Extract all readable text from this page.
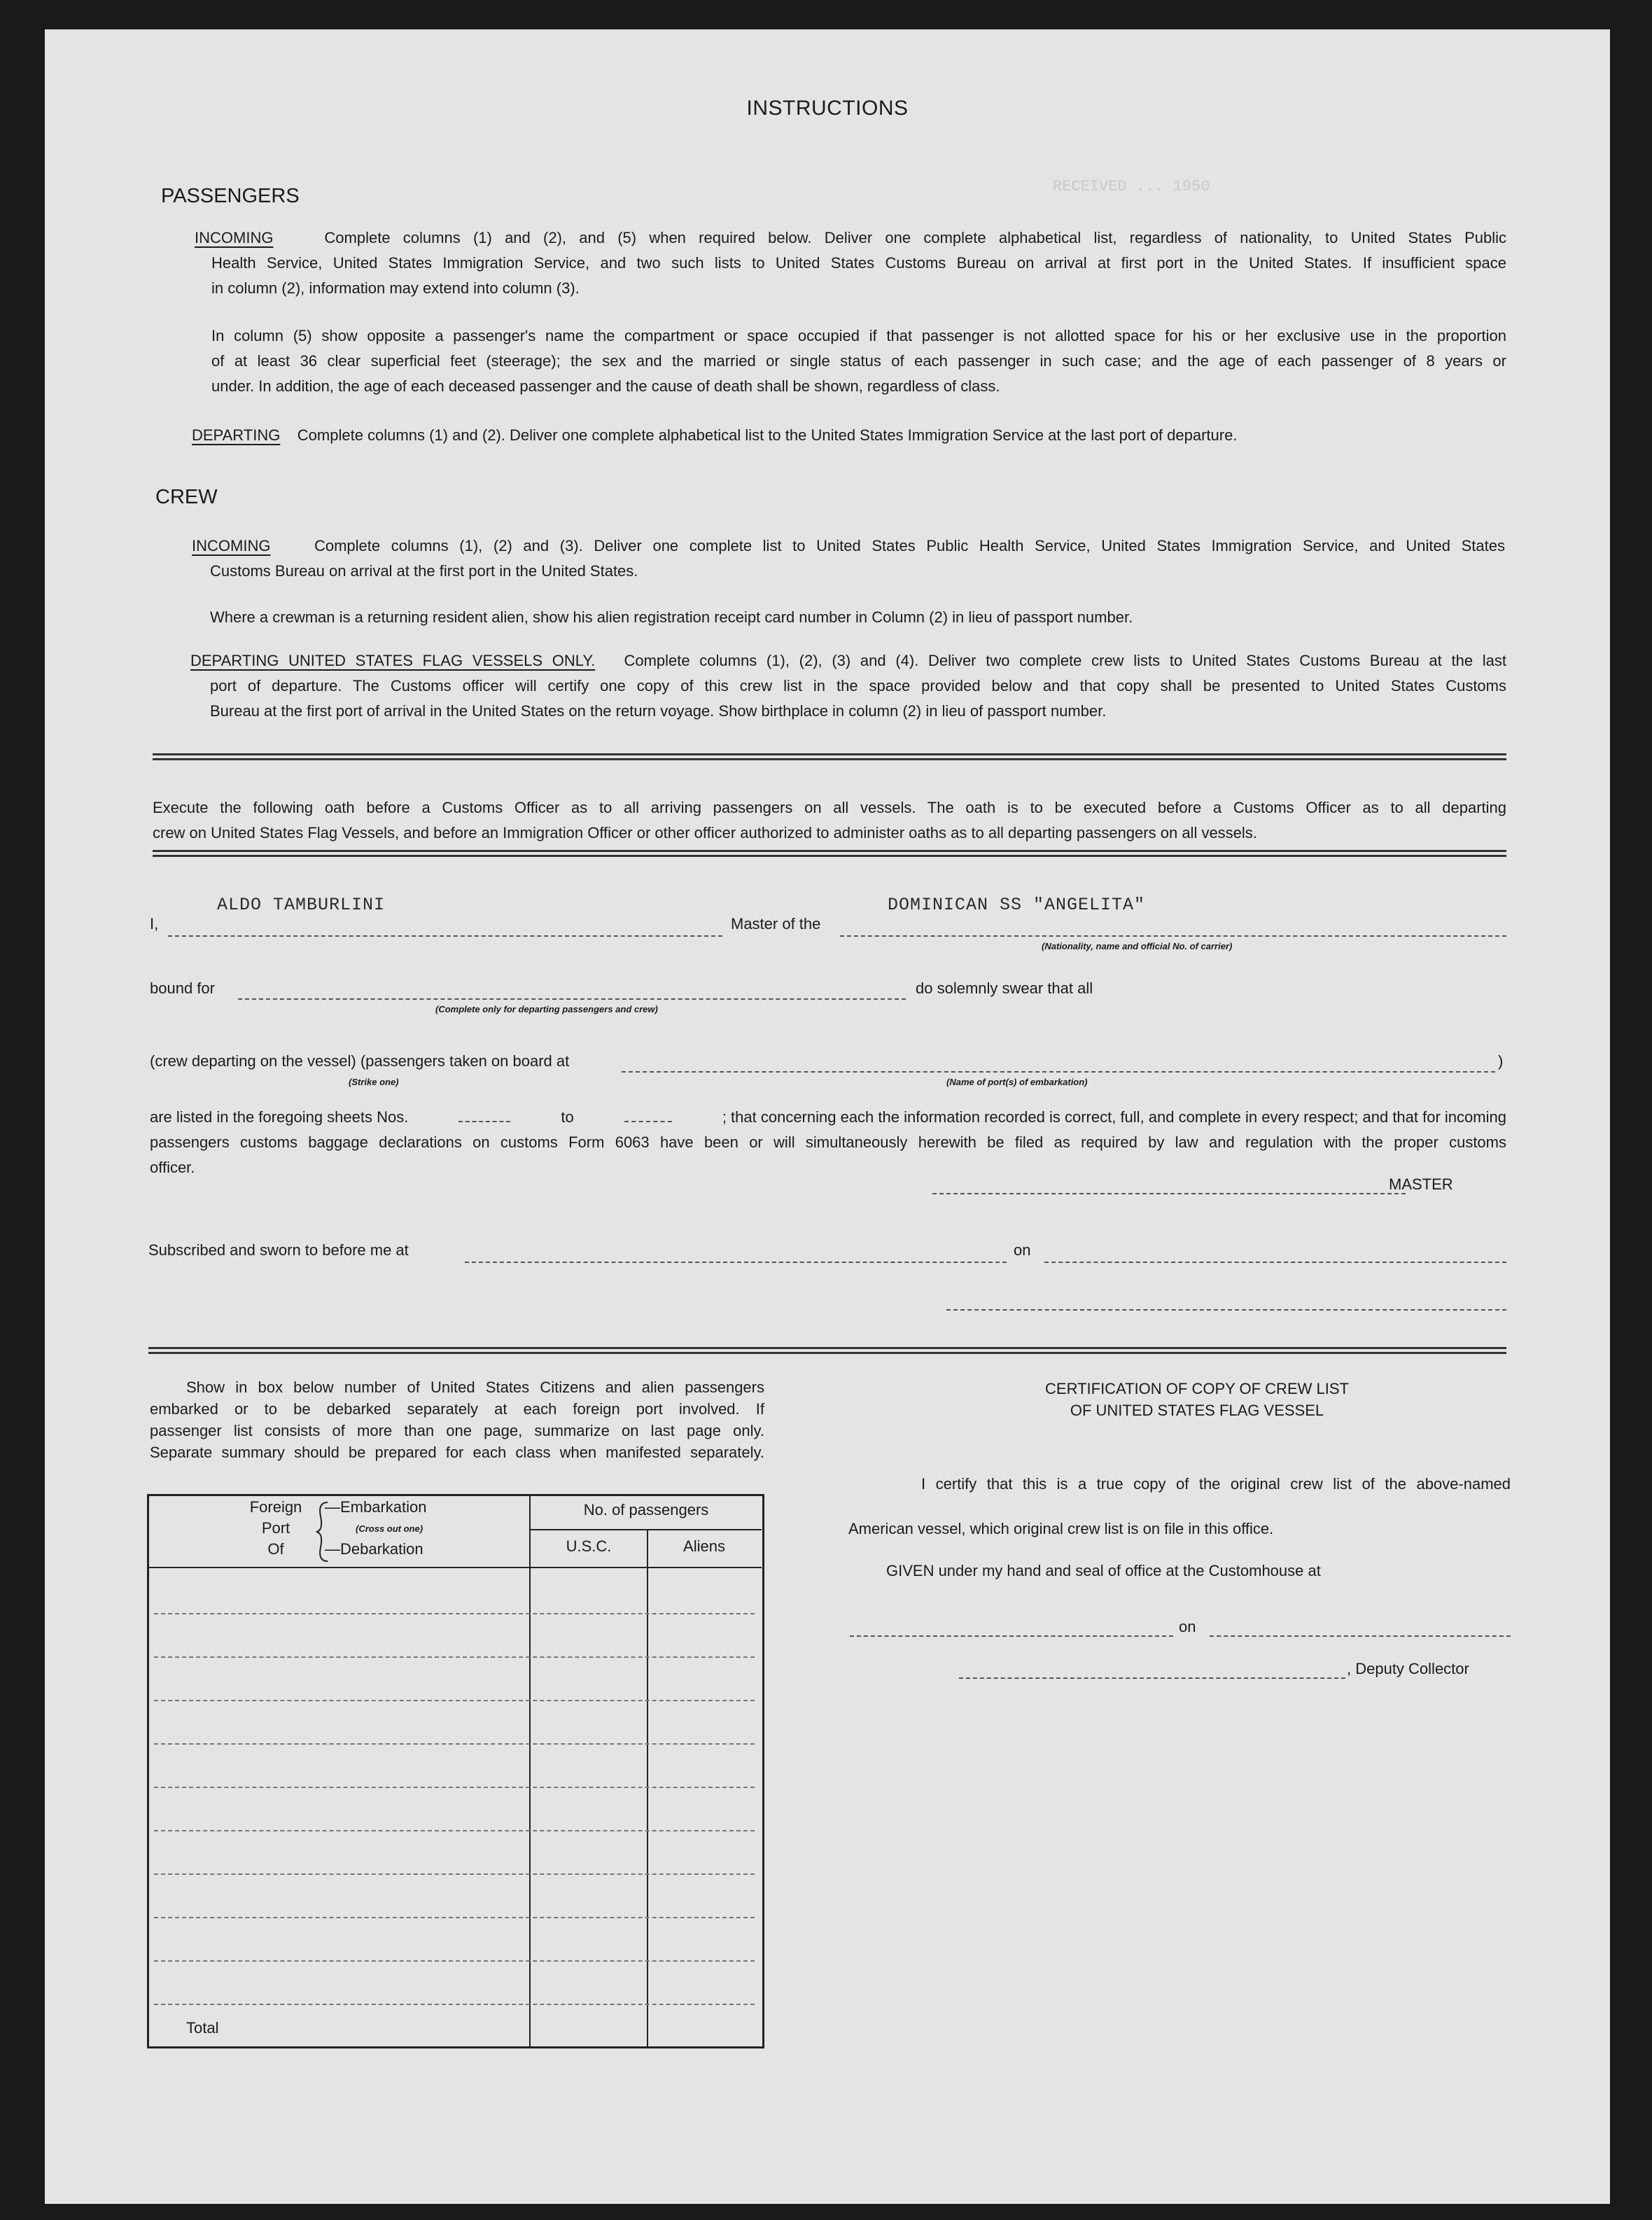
INSTRUCTIONS
RECEIVED ... 1950
PASSENGERS
INCOMING	Complete columns (1) and (2), and (5) when required below. Deliver one complete alphabetical list, regardless of nationality, to United States Public
Health Service, United States Immigration Service, and two such lists to United States Customs Bureau on arrival at first port in the United States. If insufficient space
in column (2), information may extend into column (3).
In column (5) show opposite a passenger's name the compartment or space occupied if that passenger is not allotted space for his or her exclusive use in the proportion
of at least 36 clear superficial feet (steerage); the sex and the married or single status of each passenger in such case; and the age of each passenger of 8 years or
under. In addition, the age of each deceased passenger and the cause of death shall be shown, regardless of class.
DEPARTING Complete columns (1) and (2). Deliver one complete alphabetical list to the United States Immigration Service at the last port of departure.
CREW
INCOMING	Complete columns (1), (2) and (3). Deliver one complete list to United States Public Health Service, United States Immigration Service, and United States
Customs Bureau on arrival at the first port in the United States.
Where a crewman is a returning resident alien, show his alien registration receipt card number in Column (2) in lieu of passport number.
DEPARTING UNITED STATES FLAG VESSELS ONLY. Complete columns (1), (2), (3) and (4). Deliver two complete crew lists to United States Customs Bureau at the last
port of departure. The Customs officer will certify one copy of this crew list in the space provided below and that copy shall be presented to United States Customs
Bureau at the first port of arrival in the United States on the return voyage. Show birthplace in column (2) in lieu of passport number.
Execute the following oath before a Customs Officer as to all arriving passengers on all vessels. The oath is to be executed before a Customs Officer as to all departing
crew on United States Flag Vessels, and before an Immigration Officer or other officer authorized to administer oaths as to all departing passengers on all vessels.
I,
ALDO TAMBURLINI
Master of the
DOMINICAN SS "ANGELITA"
(Nationality, name and official No. of carrier)
bound for
(Complete only for departing passengers and crew)
do solemnly swear that all
(crew departing on the vessel) (passengers taken on board at	)
(Strike one)	(Name of port(s) of embarkation)
are listed in the foregoing sheets Nos.	to	; that concerning each the information recorded is correct, full, and complete in every respect; and that for incoming
passengers customs baggage declarations on customs Form 6063 have been or will simultaneously herewith be filed as required by law and regulation with the proper customs
officer.
MASTER
Subscribed and sworn to before me at	on
Show in box below number of United States Citizens and alien passengers
embarked or to be debarked separately at each foreign port involved. If
passenger list consists of more than one page, summarize on last page only.
Separate summary should be prepared for each class when manifested separately.
Foreign
Port
Of
—Embarkation
(Cross out one)
—Debarkation
No. of passengers
U.S.C.	Aliens
Total
CERTIFICATION OF COPY OF CREW LIST
OF UNITED STATES FLAG VESSEL
I certify that this is a true copy of the original crew list of the above-named
American vessel, which original crew list is on file in this office.
GIVEN under my hand and seal of office at the Customhouse at
on
, Deputy Collector
